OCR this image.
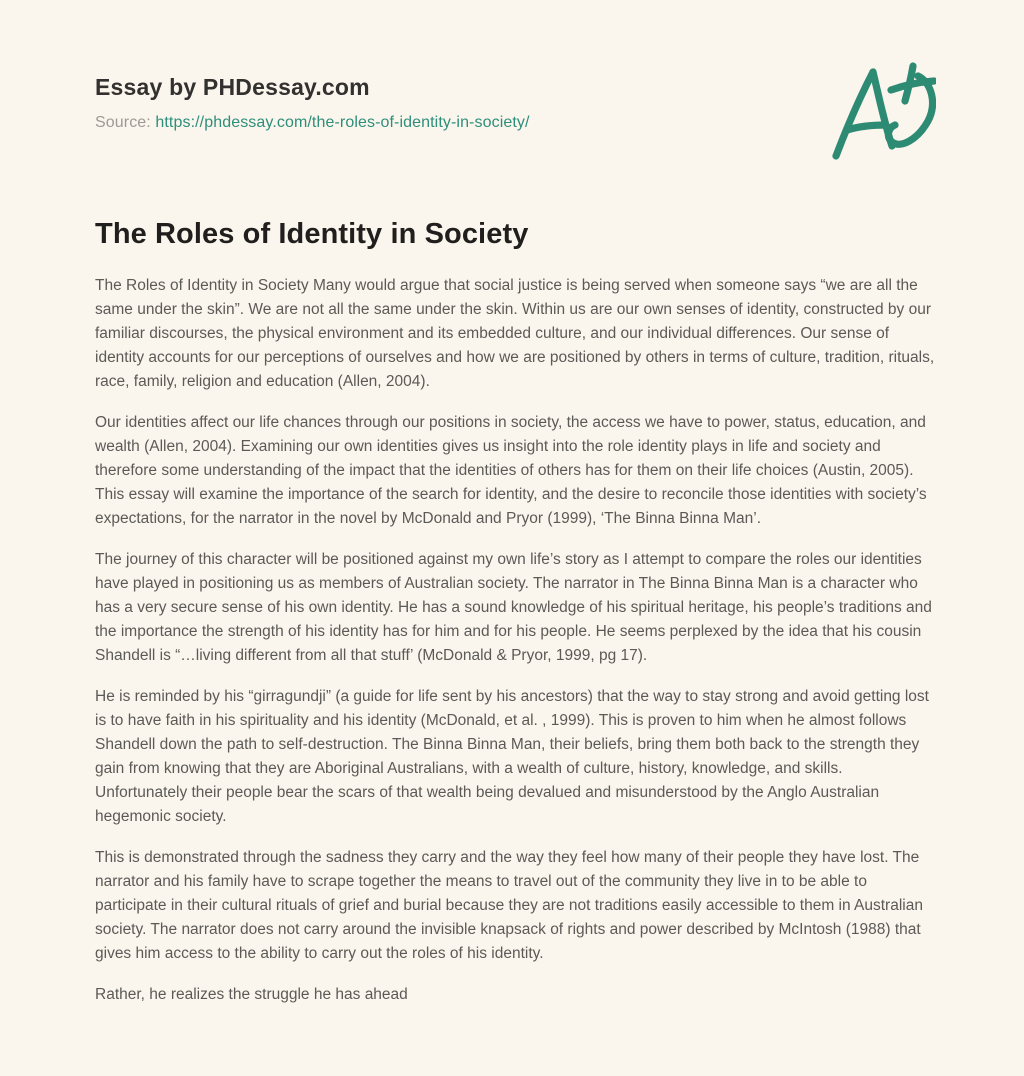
Essay by PHDessay.com
Source: https://phdessay.com/the-roles-of-identity-in-society/
The Roles of Identity in Society

The Roles of Identity in Society Many would argue that social justice is being served when someone says “we are all the same under the skin”. We are not all the same under the skin. Within us are our own senses of identity, constructed by our familiar discourses, the physical environment and its embedded culture, and our individual differences. Our sense of identity accounts for our perceptions of ourselves and how we are positioned by others in terms of culture, tradition, rituals, race, family, religion and education (Allen, 2004).

Our identities affect our life chances through our positions in society, the access we have to power, status, education, and wealth (Allen, 2004). Examining our own identities gives us insight into the role identity plays in life and society and therefore some understanding of the impact that the identities of others has for them on their life choices (Austin, 2005). This essay will examine the importance of the search for identity, and the desire to reconcile those identities with society’s expectations, for the narrator in the novel by McDonald and Pryor (1999), ‘The Binna Binna Man’.

The journey of this character will be positioned against my own life’s story as I attempt to compare the roles our identities have played in positioning us as members of Australian society. The narrator in The Binna Binna Man is a character who has a very secure sense of his own identity. He has a sound knowledge of his spiritual heritage, his people’s traditions and the importance the strength of his identity has for him and for his people. He seems perplexed by the idea that his cousin Shandell is “…living different from all that stuff’ (McDonald & Pryor, 1999, pg 17).

He is reminded by his “girragundji” (a guide for life sent by his ancestors) that the way to stay strong and avoid getting lost is to have faith in his spirituality and his identity (McDonald, et al. , 1999). This is proven to him when he almost follows Shandell down the path to self-destruction. The Binna Binna Man, their beliefs, bring them both back to the strength they gain from knowing that they are Aboriginal Australians, with a wealth of culture, history, knowledge, and skills. Unfortunately their people bear the scars of that wealth being devalued and misunderstood by the Anglo Australian hegemonic society.

This is demonstrated through the sadness they carry and the way they feel how many of their people they have lost. The narrator and his family have to scrape together the means to travel out of the community they live in to be able to participate in their cultural rituals of grief and burial because they are not traditions easily accessible to them in Australian society. The narrator does not carry around the invisible knapsack of rights and power described by McIntosh (1988) that gives him access to the ability to carry out the roles of his identity.

Rather, he realizes the struggle he has ahead
